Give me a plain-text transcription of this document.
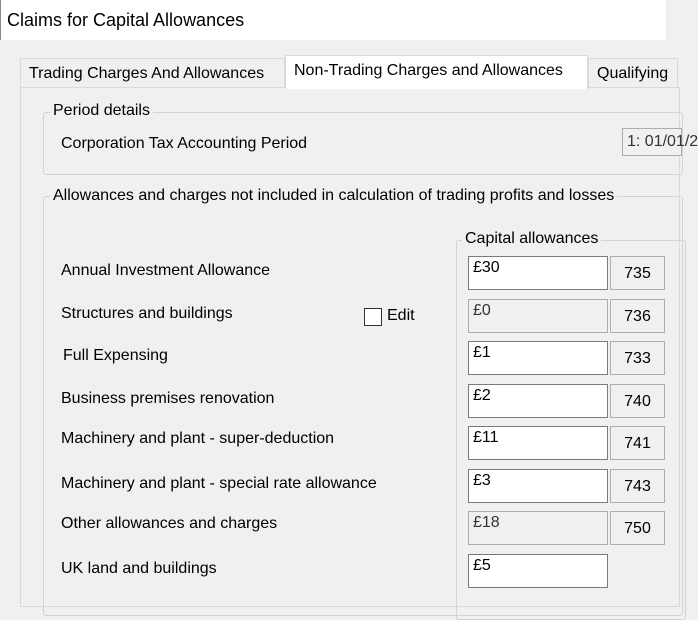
Claims for Capital Allowances
Trading Charges And Allowances	Non-Trading Charges and Allowances	Qualifying
Period details
Corporation Tax Accounting Period	1: 01/01/2
Allowances and charges not included in calculation of trading profits and losses
Capital allowances
Annual Investment Allowance	£30	735
Structures and buildings	Edit	£0	736
Full Expensing	£1	733
Business premises renovation	£2	740
Machinery and plant - super-deduction	£11	741
Machinery and plant - special rate allowance	£3	743
Other allowances and charges	£18	750
UK land and buildings	£5
